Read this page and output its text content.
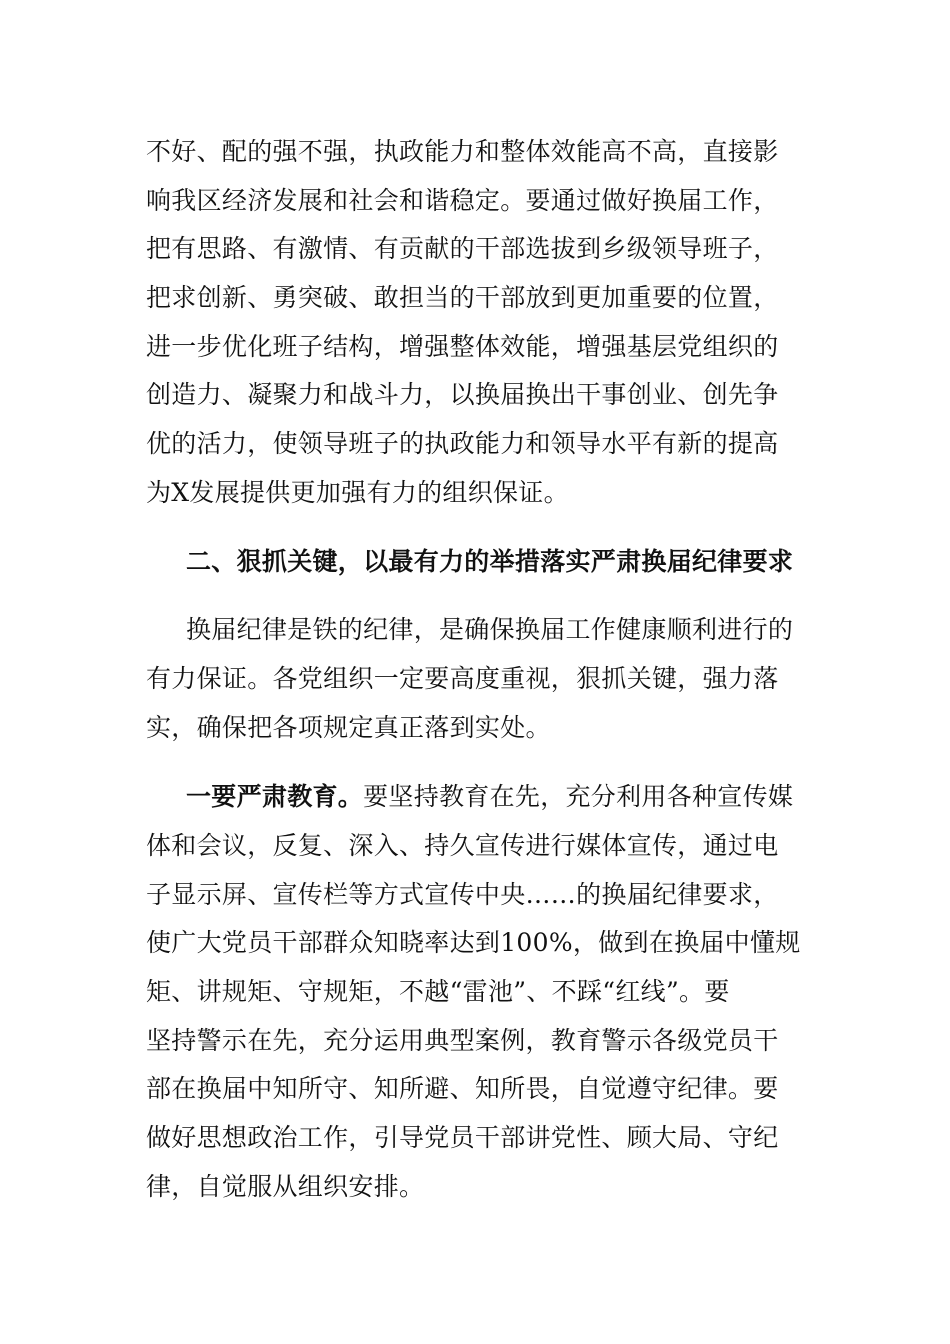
不好、配的强不强，执政能力和整体效能高不高，直接影
响我区经济发展和社会和谐稳定。要通过做好换届工作，
把有思路、有激情、有贡献的干部选拔到乡级领导班子，
把求创新、勇突破、敢担当的干部放到更加重要的位置，
进一步优化班子结构，增强整体效能，增强基层党组织的
创造力、凝聚力和战斗力，以换届换出干事创业、创先争
优的活力，使领导班子的执政能力和领导水平有新的提高
为X发展提供更加强有力的组织保证。
二、狠抓关键，以最有力的举措落实严肃换届纪律要求
换届纪律是铁的纪律，是确保换届工作健康顺利进行的
有力保证。各党组织一定要高度重视，狠抓关键，强力落
实，确保把各项规定真正落到实处。
一要严肃教育。要坚持教育在先，充分利用各种宣传媒
体和会议，反复、深入、持久宣传进行媒体宣传，通过电
子显示屏、宣传栏等方式宣传中央……的换届纪律要求，
使广大党员干部群众知晓率达到100%，做到在换届中懂规
矩、讲规矩、守规矩，不越“雷池”、不踩“红线”。要
坚持警示在先，充分运用典型案例，教育警示各级党员干
部在换届中知所守、知所避、知所畏，自觉遵守纪律。要
做好思想政治工作，引导党员干部讲党性、顾大局、守纪
律，自觉服从组织安排。
